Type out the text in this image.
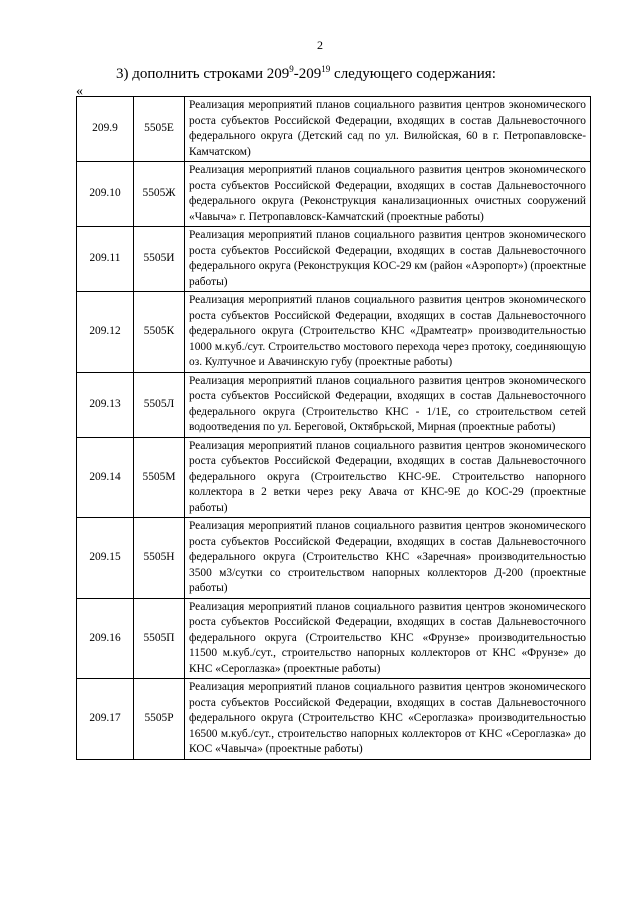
2
3) дополнить строками $209^9-209^{19}$ следующего содержания:
«
209.9	5505Е	Реализация мероприятий планов социального развития центров экономического роста субъектов Российской Федерации, входящих в состав Дальневосточного федерального округа (Детский сад по ул. Вилюйская, 60 в г. Петропавловске-Камчатском)
209.10	5505Ж	Реализация мероприятий планов социального развития центров экономического роста субъектов Российской Федерации, входящих в состав Дальневосточного федерального округа (Реконструкция канализационных очистных сооружений «Чавыча» г. Петропавловск-Камчатский (проектные работы)
209.11	5505И	Реализация мероприятий планов социального развития центров экономического роста субъектов Российской Федерации, входящих в состав Дальневосточного федерального округа (Реконструкция КОС-29 км (район «Аэропорт») (проектные работы)
209.12	5505К	Реализация мероприятий планов социального развития центров экономического роста субъектов Российской Федерации, входящих в состав Дальневосточного федерального округа (Строительство КНС «Драмтеатр» производительностью 1000 м.куб./сут. Строительство мостового перехода через протоку, соединяющую оз. Култучное и Авачинскую губу (проектные работы)
209.13	5505Л	Реализация мероприятий планов социального развития центров экономического роста субъектов Российской Федерации, входящих в состав Дальневосточного федерального округа (Строительство КНС - 1/1Е, со строительством сетей водоотведения по ул. Береговой, Октябрьской, Мирная (проектные работы)
209.14	5505М	Реализация мероприятий планов социального развития центров экономического роста субъектов Российской Федерации, входящих в состав Дальневосточного федерального округа (Строительство КНС-9Е. Строительство напорного коллектора в 2 ветки через реку Авача от КНС-9Е до КОС-29 (проектные работы)
209.15	5505Н	Реализация мероприятий планов социального развития центров экономического роста субъектов Российской Федерации, входящих в состав Дальневосточного федерального округа (Строительство КНС «Заречная» производительностью 3500 м3/сутки со строительством напорных коллекторов Д-200 (проектные работы)
209.16	5505П	Реализация мероприятий планов социального развития центров экономического роста субъектов Российской Федерации, входящих в состав Дальневосточного федерального округа (Строительство КНС «Фрунзе» производительностью 11500 м.куб./сут., строительство напорных коллекторов от КНС «Фрунзе» до КНС «Сероглазка» (проектные работы)
209.17	5505Р	Реализация мероприятий планов социального развития центров экономического роста субъектов Российской Федерации, входящих в состав Дальневосточного федерального округа (Строительство КНС «Сероглазка» производительностью 16500 м.куб./сут., строительство напорных коллекторов от КНС «Сероглазка» до КОС «Чавыча» (проектные работы)
